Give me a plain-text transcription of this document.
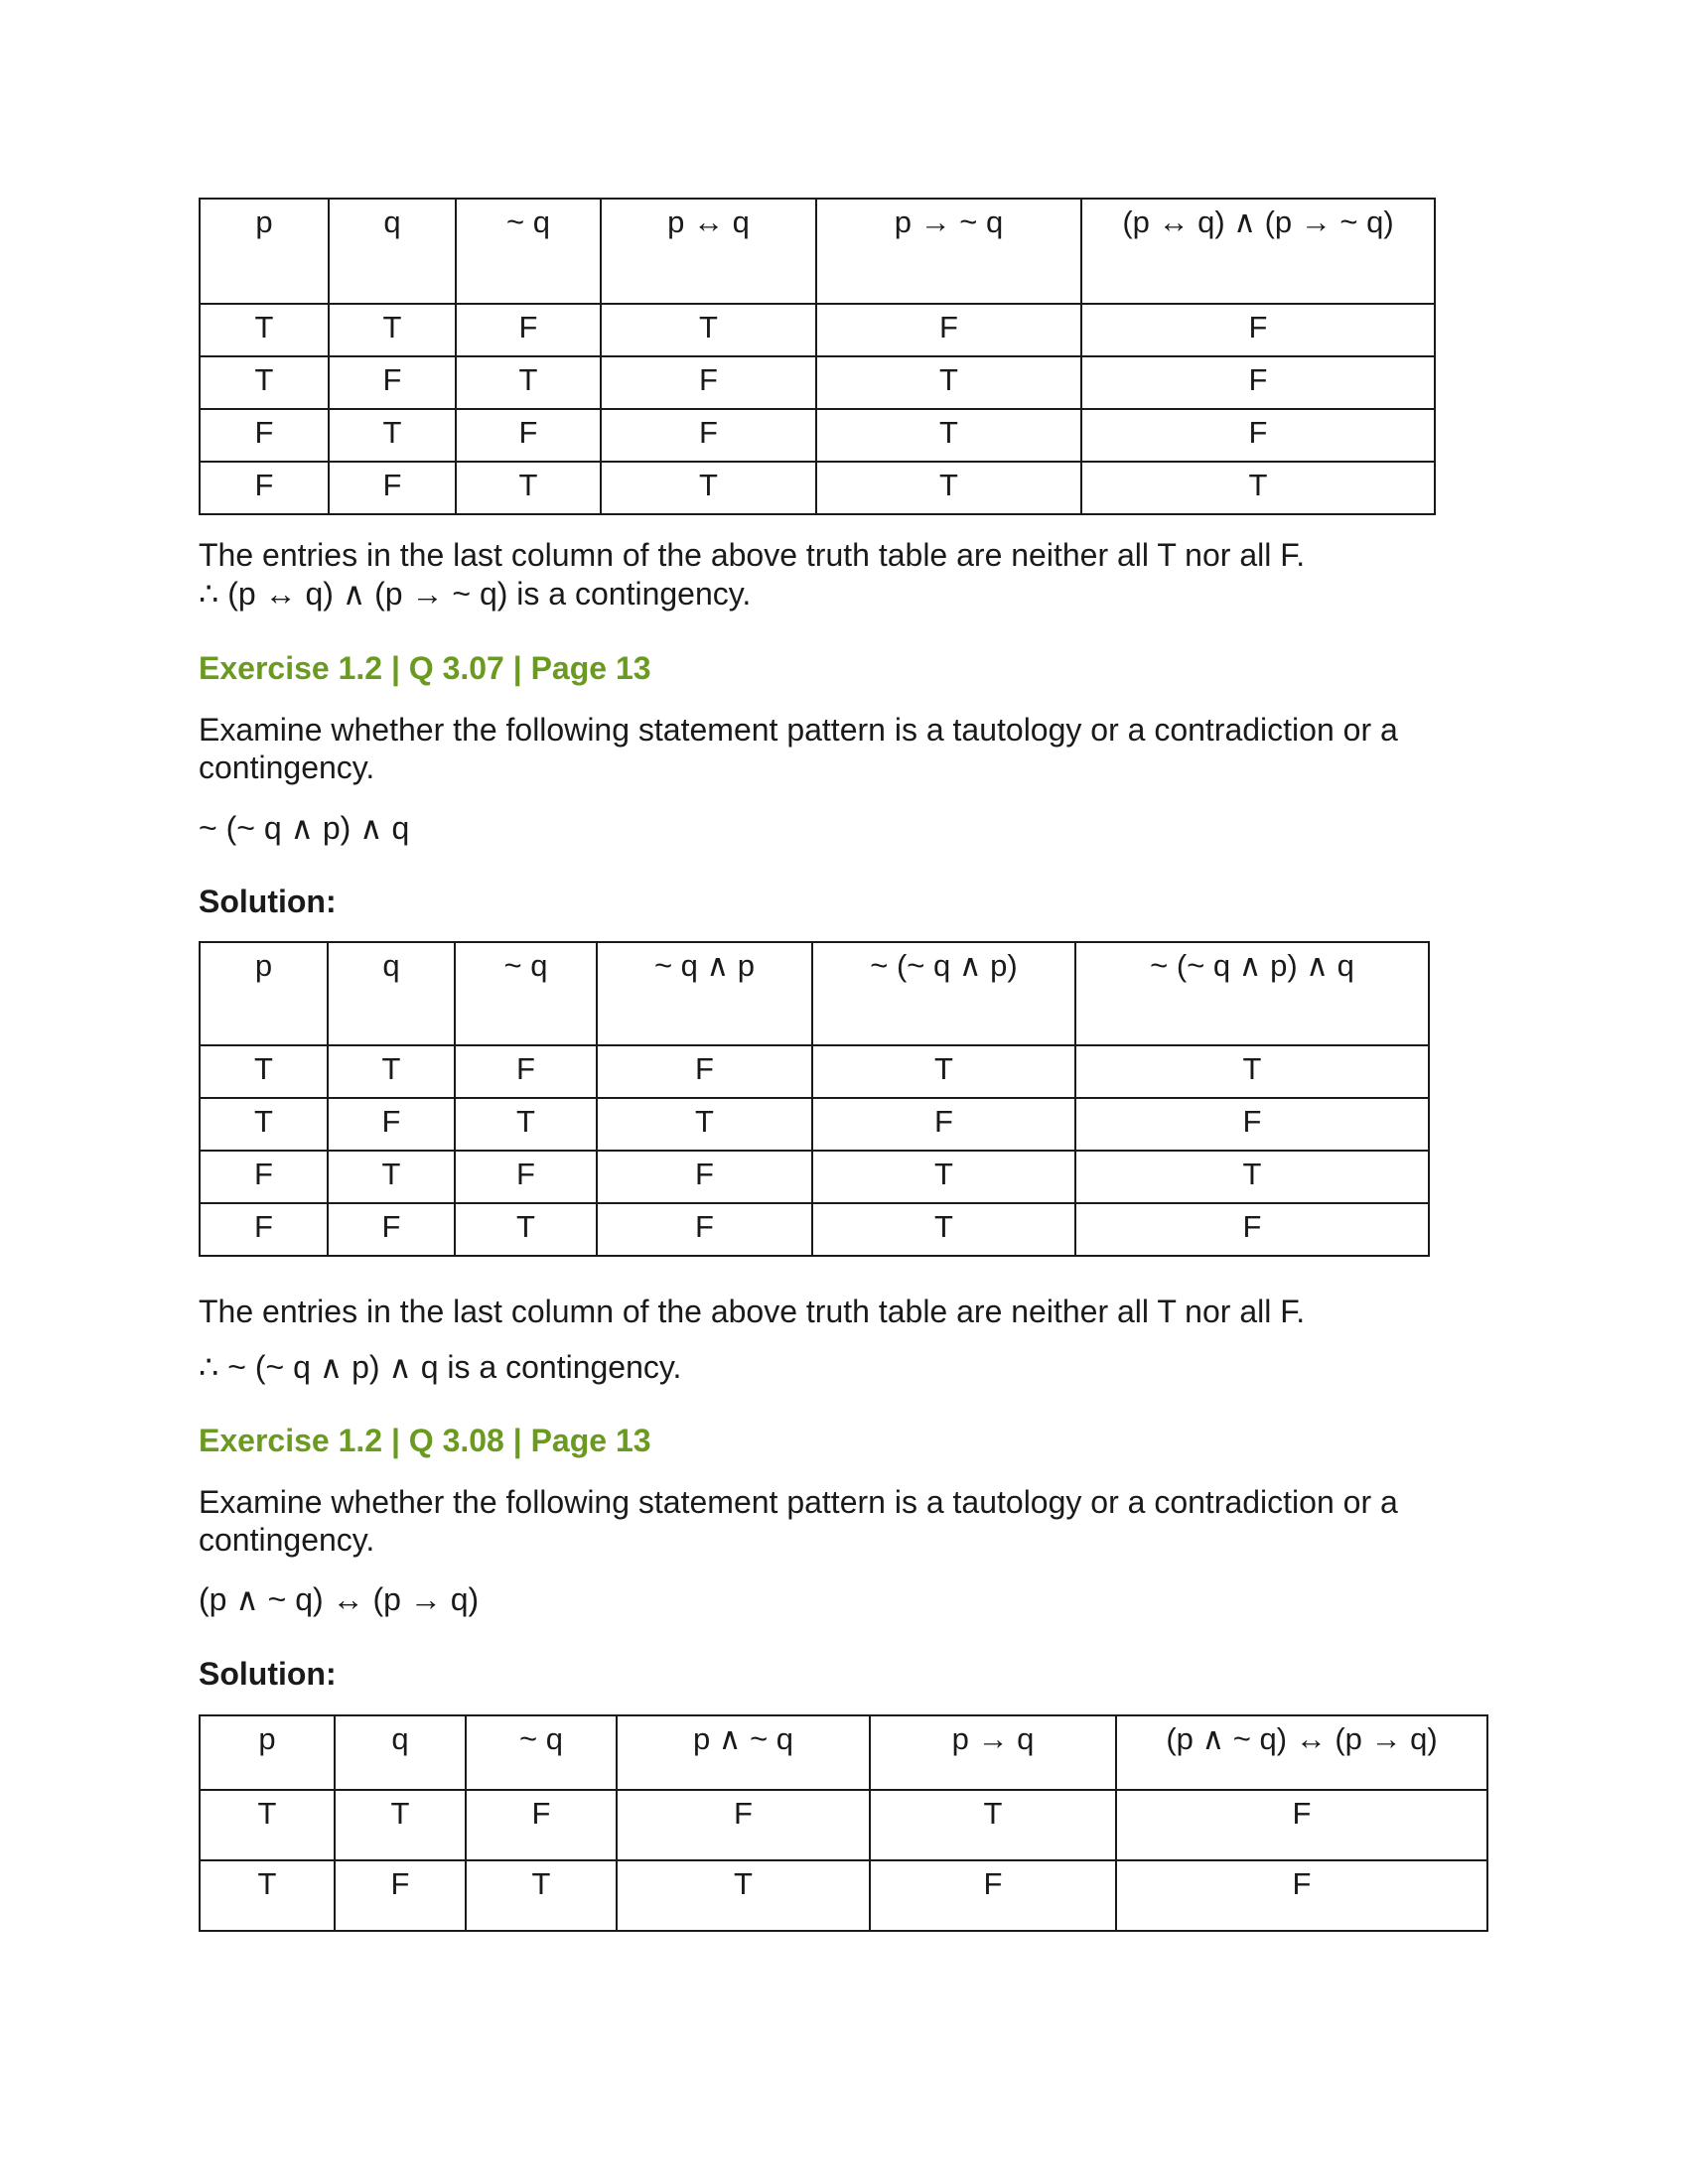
p	q	~ q	p ↔ q	p → ~ q	(p ↔ q) ∧ (p → ~ q)
T	T	F	T	F	F
T	F	T	F	T	F
F	T	F	F	T	F
F	F	T	T	T	T

The entries in the last column of the above truth table are neither all T nor all F.

∴ (p ↔ q) ∧ (p → ~ q) is a contingency.

Exercise 1.2 | Q 3.07 | Page 13

Examine whether the following statement pattern is a tautology or a contradiction or a contingency.

~ (~ q ∧ p) ∧ q

Solution:

p	q	~ q	~ q ∧ p	~ (~ q ∧ p)	~ (~ q ∧ p) ∧ q
T	T	F	F	T	T
T	F	T	T	F	F
F	T	F	F	T	T
F	F	T	F	T	F

The entries in the last column of the above truth table are neither all T nor all F.

∴ ~ (~ q ∧ p) ∧ q is a contingency.

Exercise 1.2 | Q 3.08 | Page 13

Examine whether the following statement pattern is a tautology or a contradiction or a contingency.

(p ∧ ~ q) ↔ (p → q)

Solution:

p	q	~ q	p ∧ ~ q	p → q	(p ∧ ~ q) ↔ (p → q)
T	T	F	F	T	F
T	F	T	T	F	F
